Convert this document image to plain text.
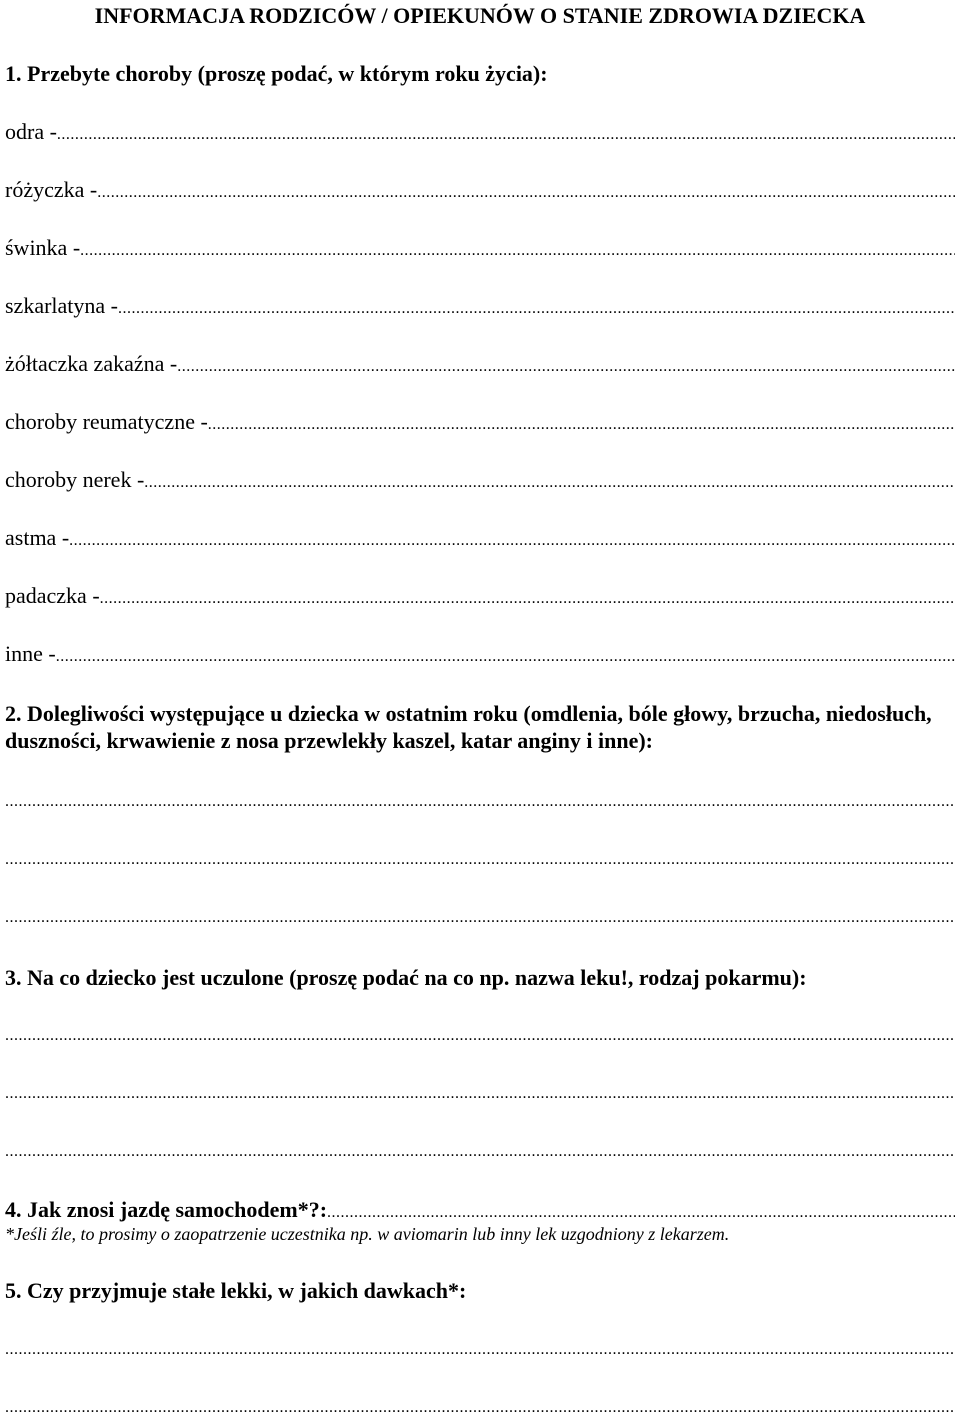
INFORMACJA RODZICÓW / OPIEKUNÓW O STANIE ZDROWIA DZIECKA
1. Przebyte choroby (proszę podać, w którym roku życia):
odra -
.....
różyczka -
.....
świnka -
.....
szkarlatyna -
.....
żółtaczka zakaźna -
.....
choroby reumatyczne -
.....
choroby nerek -
.....
astma -
.....
padaczka -
.....
inne -
.....
2. Dolegliwości występujące u dziecka w ostatnim roku (omdlenia, bóle głowy, brzucha, niedosłuch, duszności, krwawienie z nosa przewlekły kaszel, katar anginy i inne):
.....
.....
.....
3. Na co dziecko jest uczulone (proszę podać na co np. nazwa leku!, rodzaj pokarmu):
.....
.....
.....
4. Jak znosi jazdę samochodem*?:
.....
*Jeśli źle, to prosimy o zaopatrzenie uczestnika np. w aviomarin lub inny lek uzgodniony z lekarzem.
5. Czy przyjmuje stałe lekki, w jakich dawkach*:
.....
.....
